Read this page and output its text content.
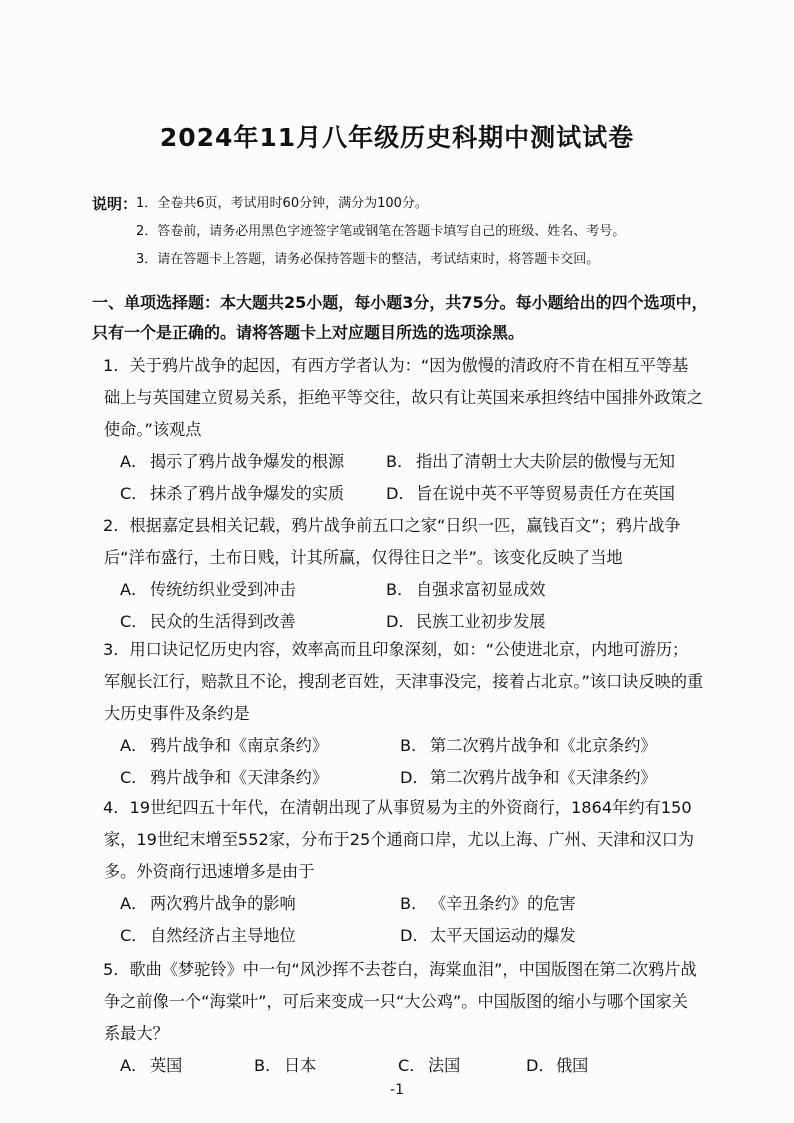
2024年11月八年级历史科期中测试试卷
说明：
1．全卷共6页，考试用时60分钟，满分为100分。
2．答卷前，请务必用黑色字迹签字笔或钢笔在答题卡填写自己的班级、姓名、考号。
3．请在答题卡上答题，请务必保持答题卡的整洁，考试结束时，将答题卡交回。
一、单项选择题：本大题共25小题，每小题3分，共75分。每小题给出的四个选项中，只有一个是正确的。请将答题卡上对应题目所选的选项涂黑。
1．关于鸦片战争的起因，有西方学者认为：“因为傲慢的清政府不肯在相互平等基础上与英国建立贸易关系，拒绝平等交往，故只有让英国来承担终结中国排外政策之使命。”该观点
A． 揭示了鸦片战争爆发的根源	B． 指出了清朝士大夫阶层的傲慢与无知
C． 抹杀了鸦片战争爆发的实质	D．旨在说中英不平等贸易责任方在英国
2．根据嘉定县相关记载，鸦片战争前五口之家“日织一匹，赢钱百文”；鸦片战争后“洋布盛行，土布日贱，计其所赢，仅得往日之半”。该变化反映了当地
A． 传统纺织业受到冲击	B． 自强求富初显成效
C． 民众的生活得到改善	D．民族工业初步发展
3．用口诀记忆历史内容，效率高而且印象深刻，如：“公使进北京，内地可游历；军舰长江行，赔款且不论，搜刮老百姓，天津事没完，接着占北京。”该口诀反映的重大历史事件及条约是
A． 鸦片战争和《南京条约》	B． 第二次鸦片战争和《北京条约》
C． 鸦片战争和《天津条约》	D．第二次鸦片战争和《天津条约》
4．19世纪四五十年代，在清朝出现了从事贸易为主的外资商行，1864年约有150家，19世纪末增至552家，分布于25个通商口岸，尤以上海、广州、天津和汉口为多。外资商行迅速增多是由于
A． 两次鸦片战争的影响	B． 《辛丑条约》的危害
C． 自然经济占主导地位	D．太平天国运动的爆发
5．歌曲《梦驼铃》中一句“风沙挥不去苍白，海棠血泪”，中国版图在第二次鸦片战争之前像一个“海棠叶”，可后来变成一只“大公鸡”。中国版图的缩小与哪个国家关系最大？
A． 英国	B． 日本	C． 法国	D．俄国
-1
